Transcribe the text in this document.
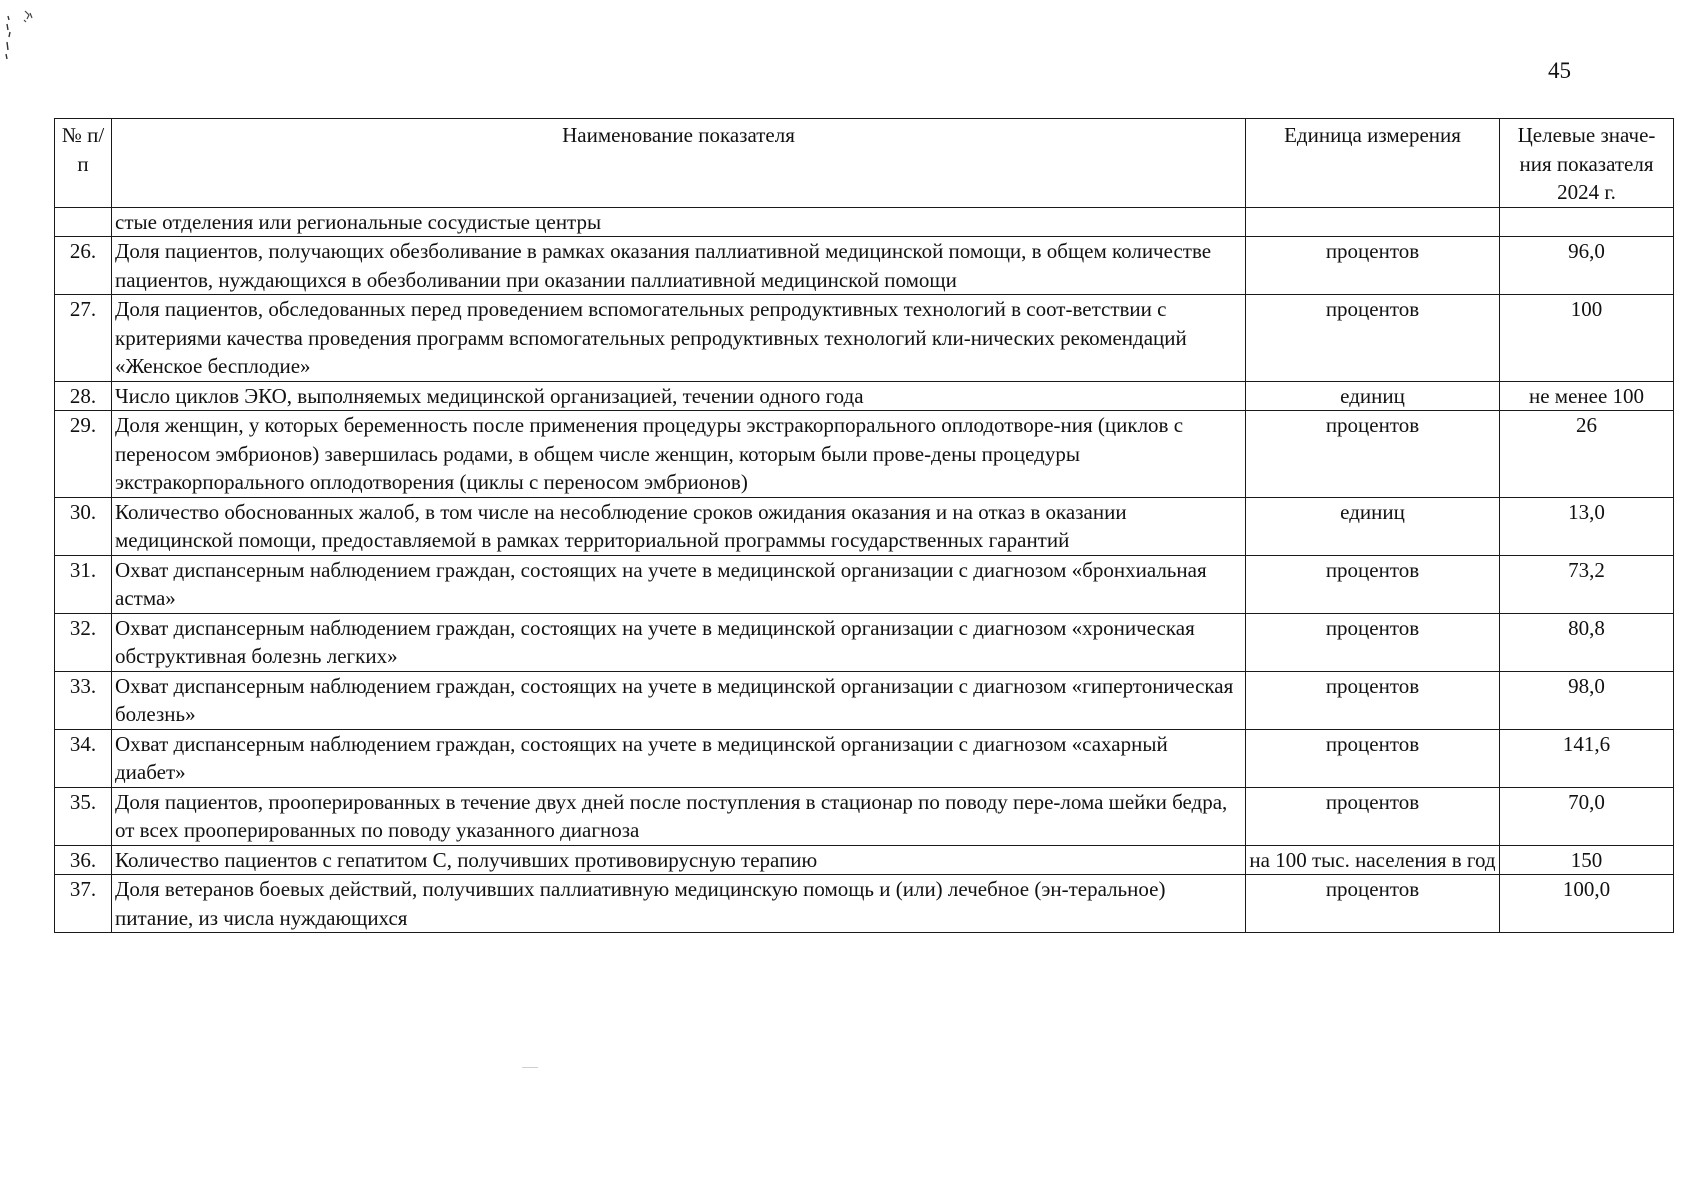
45
№ п/п	Наименование показателя	Единица измерения	Целевые значе-ния показателя 2024 г.
	стые отделения или региональные сосудистые центры		
26.	Доля пациентов, получающих обезболивание в рамках оказания паллиативной медицинской помощи, в общем количестве пациентов, нуждающихся в обезболивании при оказании паллиативной медицинской помощи	процентов	96,0
27.	Доля пациентов, обследованных перед проведением вспомогательных репродуктивных технологий в соот-ветствии с критериями качества проведения программ вспомогательных репродуктивных технологий кли-нических рекомендаций «Женское бесплодие»	процентов	100
28.	Число циклов ЭКО, выполняемых медицинской организацией, течении одного года	единиц	не менее 100
29.	Доля женщин, у которых беременность после применения процедуры экстракорпорального оплодотворе-ния (циклов с переносом эмбрионов) завершилась родами, в общем числе женщин, которым были прове-дены процедуры экстракорпорального оплодотворения (циклы с переносом эмбрионов)	процентов	26
30.	Количество обоснованных жалоб, в том числе на несоблюдение сроков ожидания оказания и на отказ в оказании медицинской помощи, предоставляемой в рамках территориальной программы государственных гарантий	единиц	13,0
31.	Охват диспансерным наблюдением граждан, состоящих на учете в медицинской организации с диагнозом «бронхиальная астма»	процентов	73,2
32.	Охват диспансерным наблюдением граждан, состоящих на учете в медицинской организации с диагнозом «хроническая обструктивная болезнь легких»	процентов	80,8
33.	Охват диспансерным наблюдением граждан, состоящих на учете в медицинской организации с диагнозом «гипертоническая болезнь»	процентов	98,0
34.	Охват диспансерным наблюдением граждан, состоящих на учете в медицинской организации с диагнозом «сахарный диабет»	процентов	141,6
35.	Доля пациентов, прооперированных в течение двух дней после поступления в стационар по поводу пере-лома шейки бедра, от всех прооперированных по поводу указанного диагноза	процентов	70,0
36.	Количество пациентов с гепатитом С, получивших противовирусную терапию	на 100 тыс. населения в год	150
37.	Доля ветеранов боевых действий, получивших паллиативную медицинскую помощь и (или) лечебное (эн-теральное) питание, из числа нуждающихся	процентов	100,0
